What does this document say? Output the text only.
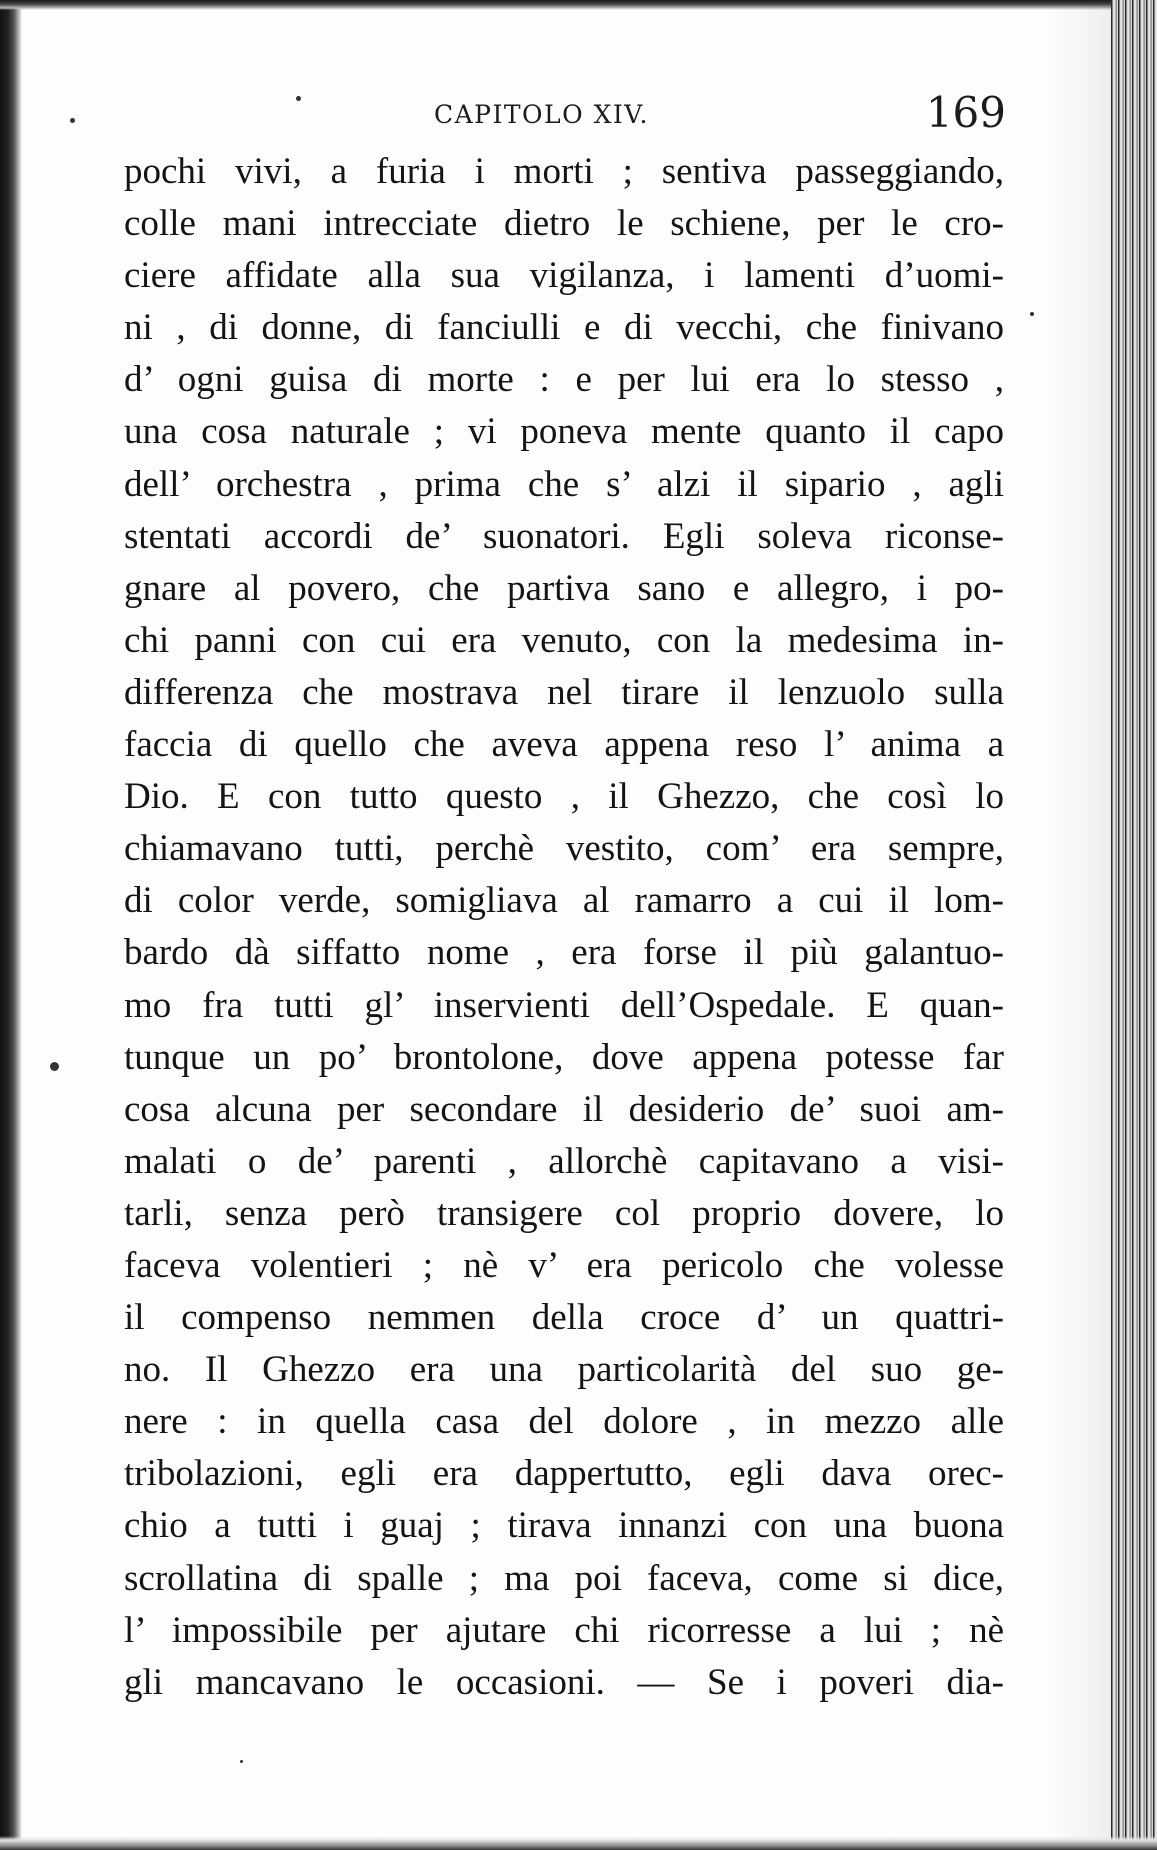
CAPITOLO XIV.	169
pochi vivi, a furia i morti ; sentiva passeggiando,
colle mani intrecciate dietro le schiene, per le cro-
ciere affidate alla sua vigilanza, i lamenti d’uomi-
ni , di donne, di fanciulli e di vecchi, che finivano
d’ ogni guisa di morte : e per lui era lo stesso ,
una cosa naturale ; vi poneva mente quanto il capo
dell’ orchestra , prima che s’ alzi il sipario , agli
stentati accordi de’ suonatori. Egli soleva riconse-
gnare al povero, che partiva sano e allegro, i po-
chi panni con cui era venuto, con la medesima in-
differenza che mostrava nel tirare il lenzuolo sulla
faccia di quello che aveva appena reso l’ anima a
Dio. E con tutto questo , il Ghezzo, che così lo
chiamavano tutti, perchè vestito, com’ era sempre,
di color verde, somigliava al ramarro a cui il lom-
bardo dà siffatto nome , era forse il più galantuo-
mo fra tutti gl’ inservienti dell’Ospedale. E quan-
tunque un po’ brontolone, dove appena potesse far
cosa alcuna per secondare il desiderio de’ suoi am-
malati o de’ parenti , allorchè capitavano a visi-
tarli, senza però transigere col proprio dovere, lo
faceva volentieri ; nè v’ era pericolo che volesse
il compenso nemmen della croce d’ un quattri-
no. Il Ghezzo era una particolarità del suo ge-
nere : in quella casa del dolore , in mezzo alle
tribolazioni, egli era dappertutto, egli dava orec-
chio a tutti i guaj ; tirava innanzi con una buona
scrollatina di spalle ; ma poi faceva, come si dice,
l’ impossibile per ajutare chi ricorresse a lui ; nè
gli mancavano le occasioni. — Se i poveri dia-
